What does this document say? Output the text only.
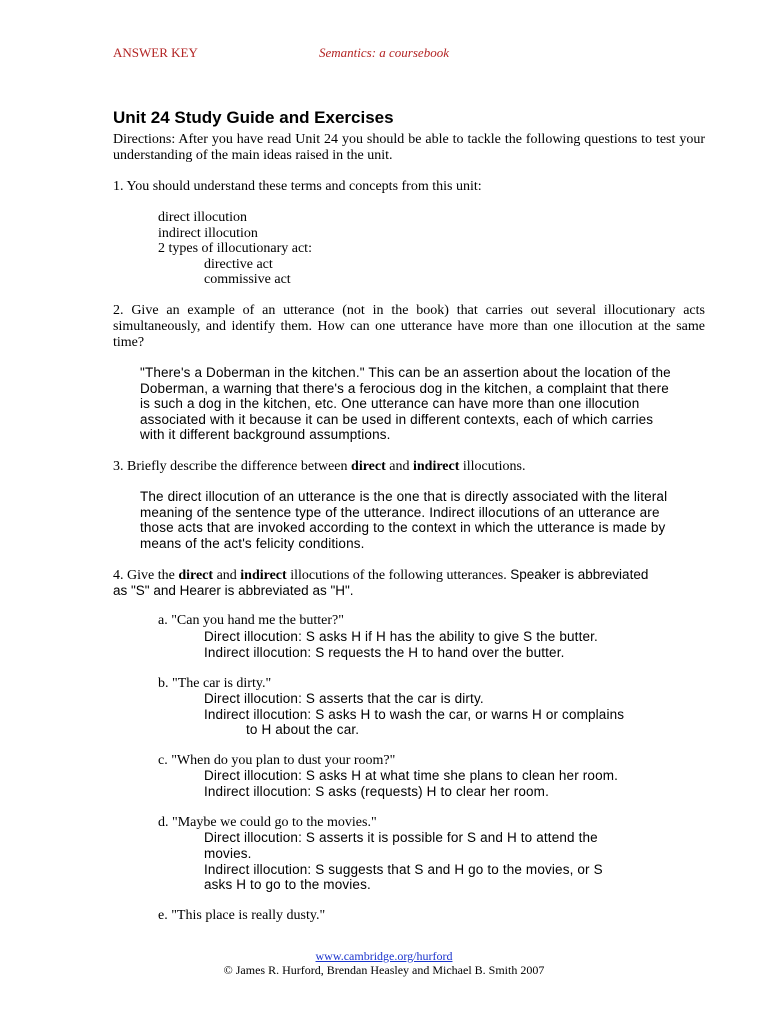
ANSWER KEY	Semantics: a coursebook
Unit 24 Study Guide and Exercises
Directions: After you have read Unit 24 you should be able to tackle the following questions to test your understanding of the main ideas raised in the unit.
1. You should understand these terms and concepts from this unit:
direct illocution
indirect illocution
2 types of illocutionary act:
directive act
commissive act
2. Give an example of an utterance (not in the book) that carries out several illocutionary acts simultaneously, and identify them. How can one utterance have more than one illocution at the same time?
"There's a Doberman in the kitchen." This can be an assertion about the location of the Doberman, a warning that there's a ferocious dog in the kitchen, a complaint that there is such a dog in the kitchen, etc. One utterance can have more than one illocution associated with it because it can be used in different contexts, each of which carries with it different background assumptions.
3. Briefly describe the difference between direct and indirect illocutions.
The direct illocution of an utterance is the one that is directly associated with the literal meaning of the sentence type of the utterance. Indirect illocutions of an utterance are those acts that are invoked according to the context in which the utterance is made by means of the act's felicity conditions.
4. Give the direct and indirect illocutions of the following utterances. Speaker is abbreviated
as "S" and Hearer is abbreviated as "H".
a. "Can you hand me the butter?"
Direct illocution: S asks H if H has the ability to give S the butter.
Indirect illocution: S requests the H to hand over the butter.
b. "The car is dirty."
Direct illocution: S asserts that the car is dirty.
Indirect illocution: S asks H to wash the car, or warns H or complains
to H about the car.
c. "When do you plan to dust your room?"
Direct illocution: S asks H at what time she plans to clean her room.
Indirect illocution: S asks (requests) H to clear her room.
d. "Maybe we could go to the movies."
Direct illocution: S asserts it is possible for S and H to attend the
movies.
Indirect illocution: S suggests that S and H go to the movies, or S
asks H to go to the movies.
e. "This place is really dusty."
www.cambridge.org/hurford
© James R. Hurford, Brendan Heasley and Michael B. Smith 2007
